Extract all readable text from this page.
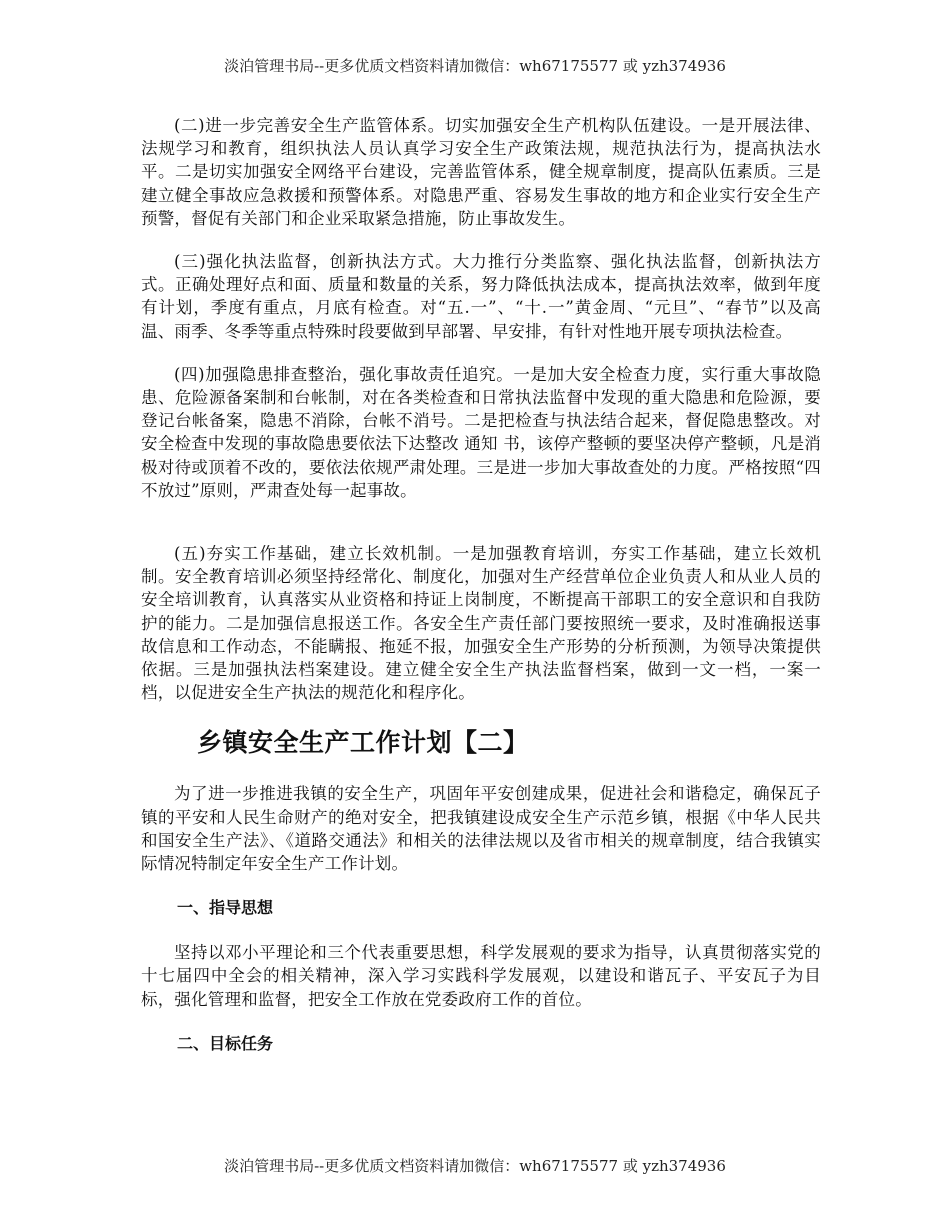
淡泊管理书局--更多优质文档资料请加微信：wh67175577 或 yzh374936

(二)进一步完善安全生产监管体系。切实加强安全生产机构队伍建设。一是开展法律、法规学习和教育，组织执法人员认真学习安全生产政策法规，规范执法行为，提高执法水平。二是切实加强安全网络平台建设，完善监管体系，健全规章制度，提高队伍素质。三是建立健全事故应急救援和预警体系。对隐患严重、容易发生事故的地方和企业实行安全生产预警，督促有关部门和企业采取紧急措施，防止事故发生。

(三)强化执法监督，创新执法方式。大力推行分类监察、强化执法监督，创新执法方式。正确处理好点和面、质量和数量的关系，努力降低执法成本，提高执法效率，做到年度有计划，季度有重点，月底有检查。对“五.一”、“十.一”黄金周、“元旦”、“春节”以及高温、雨季、冬季等重点特殊时段要做到早部署、早安排，有针对性地开展专项执法检查。

(四)加强隐患排查整治，强化事故责任追究。一是加大安全检查力度，实行重大事故隐患、危险源备案制和台帐制，对在各类检查和日常执法监督中发现的重大隐患和危险源，要登记台帐备案，隐患不消除，台帐不消号。二是把检查与执法结合起来，督促隐患整改。对安全检查中发现的事故隐患要依法下达整改 通知 书，该停产整顿的要坚决停产整顿，凡是消极对待或顶着不改的，要依法依规严肃处理。三是进一步加大事故查处的力度。严格按照“四不放过”原则，严肃查处每一起事故。

(五)夯实工作基础，建立长效机制。一是加强教育培训，夯实工作基础，建立长效机制。安全教育培训必须坚持经常化、制度化，加强对生产经营单位企业负责人和从业人员的安全培训教育，认真落实从业资格和持证上岗制度，不断提高干部职工的安全意识和自我防护的能力。二是加强信息报送工作。各安全生产责任部门要按照统一要求，及时准确报送事故信息和工作动态，不能瞒报、拖延不报，加强安全生产形势的分析预测，为领导决策提供依据。三是加强执法档案建设。建立健全安全生产执法监督档案，做到一文一档，一案一档，以促进安全生产执法的规范化和程序化。

乡镇安全生产工作计划【二】

为了进一步推进我镇的安全生产，巩固年平安创建成果，促进社会和谐稳定，确保瓦子镇的平安和人民生命财产的绝对安全，把我镇建设成安全生产示范乡镇，根据《中华人民共和国安全生产法》、《道路交通法》和相关的法律法规以及省市相关的规章制度，结合我镇实际情况特制定年安全生产工作计划。

一、指导思想

坚持以邓小平理论和三个代表重要思想，科学发展观的要求为指导，认真贯彻落实党的十七届四中全会的相关精神，深入学习实践科学发展观，以建设和谐瓦子、平安瓦子为目标，强化管理和监督，把安全工作放在党委政府工作的首位。

二、目标任务
淡泊管理书局--更多优质文档资料请加微信：wh67175577 或 yzh374936
